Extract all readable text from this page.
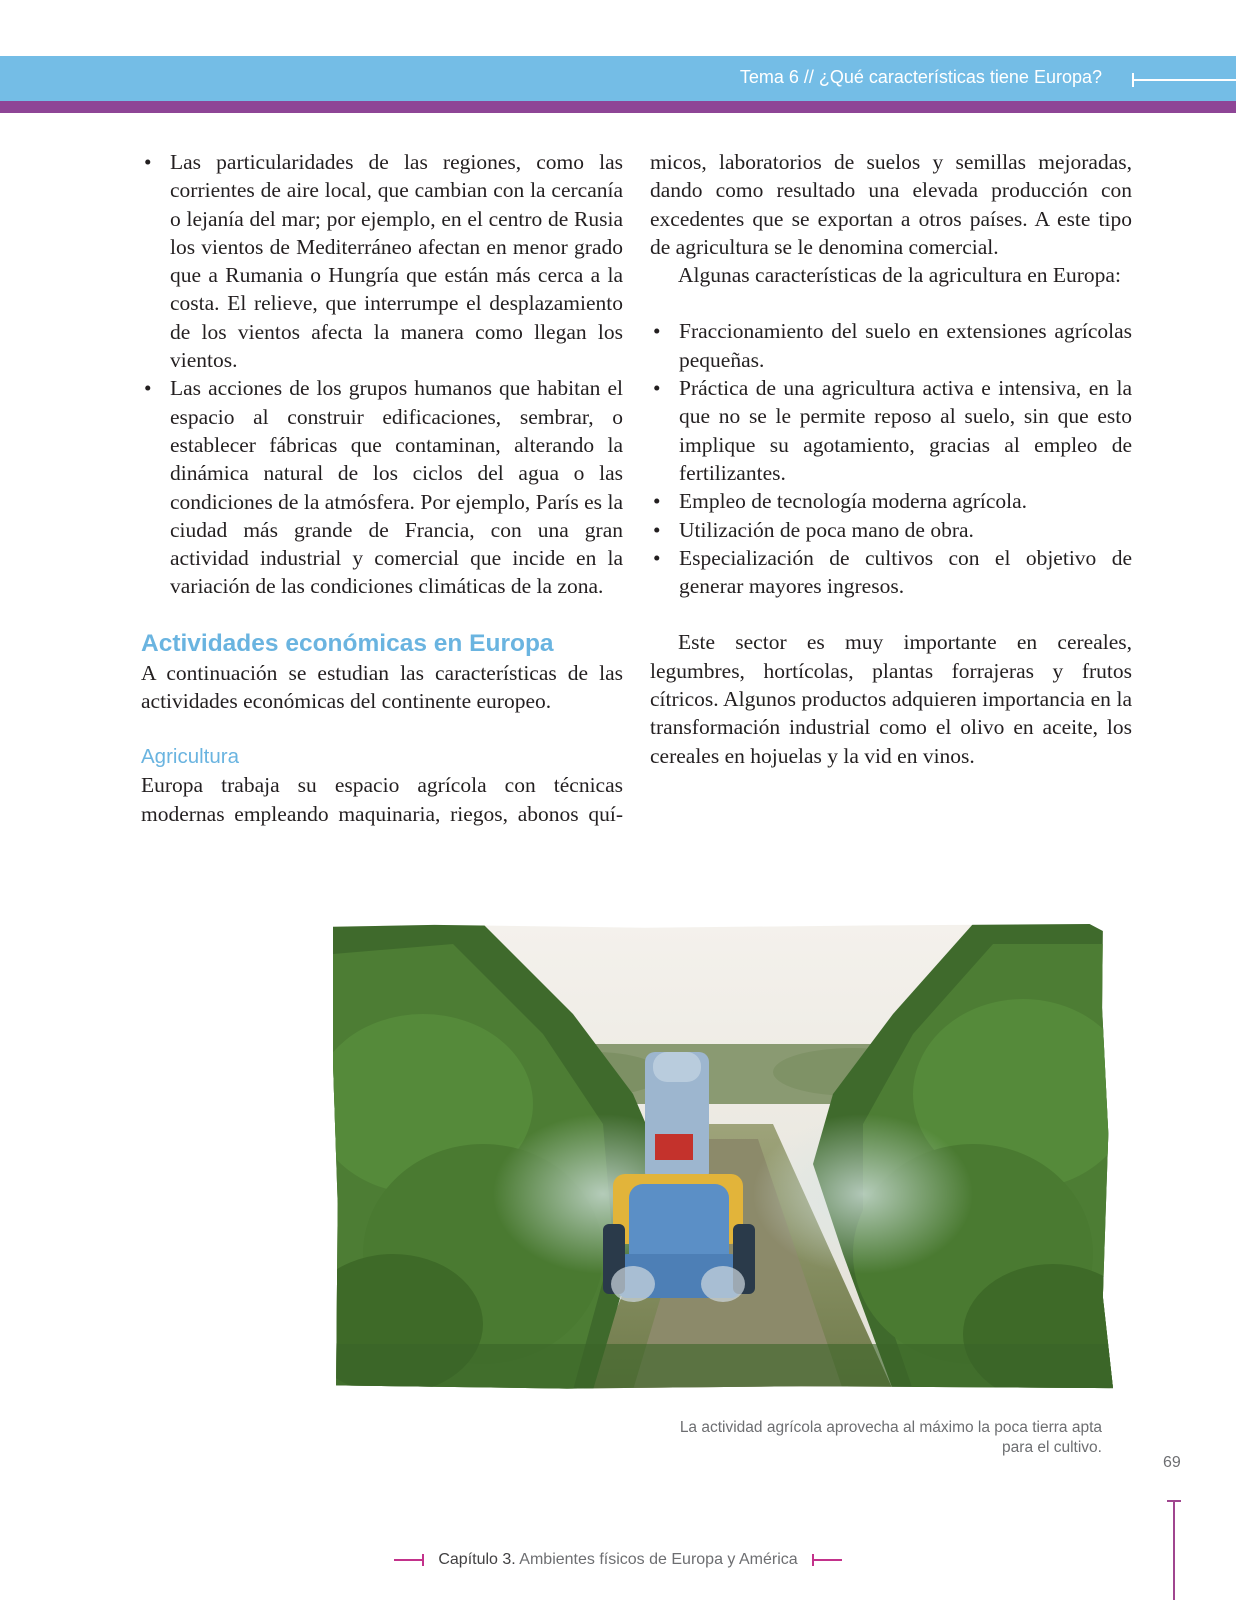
Tema 6 // ¿Qué características tiene Europa?
• Las particularidades de las regiones, como las corrientes de aire local, que cambian con la cercanía o lejanía del mar; por ejemplo, en el centro de Rusia los vientos de Mediterráneo afectan en menor grado que a Rumania o Hungría que están más cerca a la costa. El relieve, que interrumpe el desplazamiento de los vientos afecta la manera como llegan los vientos.
• Las acciones de los grupos humanos que habitan el espacio al construir edificaciones, sembrar, o establecer fábricas que contaminan, alterando la dinámica natural de los ciclos del agua o las condiciones de la atmósfera. Por ejemplo, París es la ciudad más grande de Francia, con una gran actividad industrial y comercial que incide en la variación de las condiciones climáticas de la zona.
Actividades económicas en Europa

A continuación se estudian las características de las actividades económicas del continente europeo.

Agricultura

Europa trabaja su espacio agrícola con técnicas modernas empleando maquinaria, riegos, abonos quí-

micos, laboratorios de suelos y semillas mejoradas, dando como resultado una elevada producción con excedentes que se exportan a otros países. A este tipo de agricultura se le denomina comercial.

Algunas características de la agricultura en Europa:

• Fraccionamiento del suelo en extensiones agrícolas pequeñas.
• Práctica de una agricultura activa e intensiva, en la que no se le permite reposo al suelo, sin que esto implique su agotamiento, gracias al empleo de fertilizantes.
• Empleo de tecnología moderna agrícola.
• Utilización de poca mano de obra.
• Especialización de cultivos con el objetivo de generar mayores ingresos.

Este sector es muy importante en cereales, legumbres, hortícolas, plantas forrajeras y frutos cítricos. Algunos productos adquieren importancia en la transformación industrial como el olivo en aceite, los cereales en hojuelas y la vid en vinos.

La actividad agrícola aprovecha al máximo la poca tierra apta para el cultivo.
69
Capítulo 3. Ambientes físicos de Europa y América
